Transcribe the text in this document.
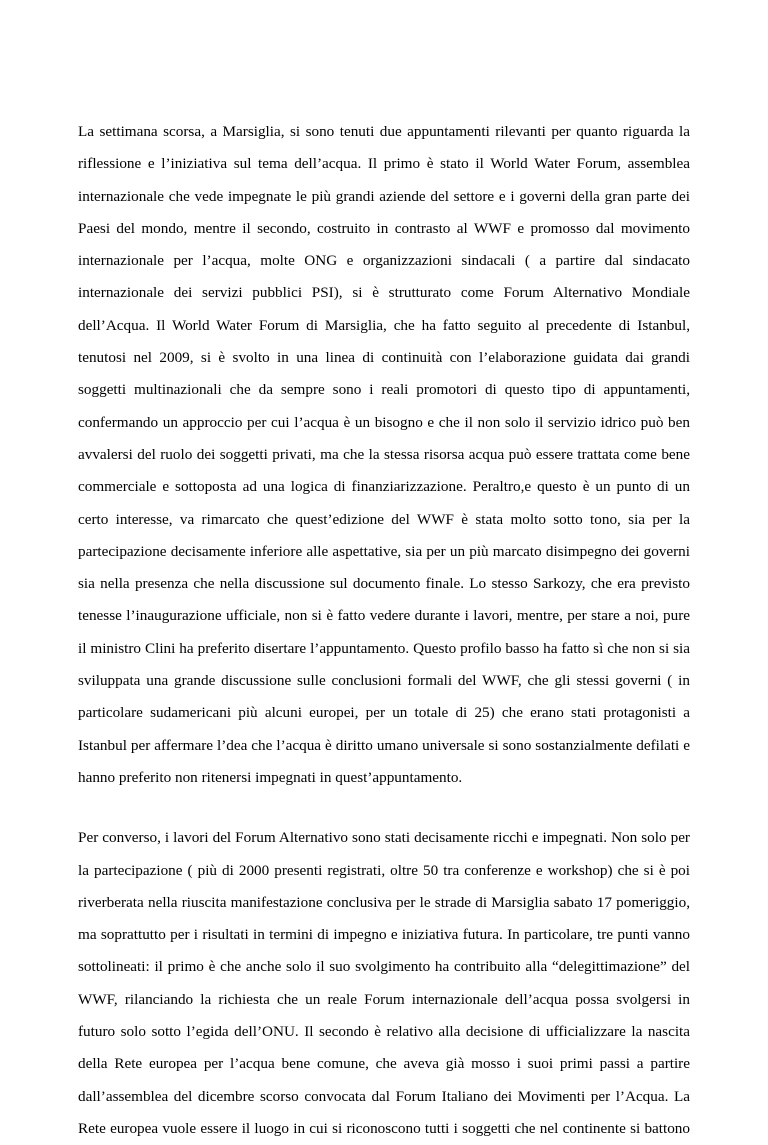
La settimana scorsa, a Marsiglia, si sono tenuti due appuntamenti rilevanti per quanto riguarda la
riflessione e l’iniziativa sul tema dell’acqua. Il primo è stato il World Water Forum, assemblea
internazionale che vede impegnate le più grandi aziende del settore e i governi della gran parte dei
Paesi del mondo, mentre il secondo, costruito in contrasto al WWF e promosso dal movimento
internazionale per l’acqua, molte ONG e organizzazioni sindacali ( a partire dal sindacato
internazionale dei servizi pubblici PSI), si è strutturato come Forum Alternativo Mondiale
dell’Acqua. Il World Water Forum di Marsiglia, che ha fatto seguito al precedente di Istanbul,
tenutosi nel 2009, si è svolto in una linea di continuità con l’elaborazione guidata dai grandi
soggetti multinazionali che da sempre sono i reali promotori di questo tipo di appuntamenti,
confermando un approccio per cui l’acqua è un bisogno e che il non solo il servizio idrico può ben
avvalersi del ruolo dei soggetti privati, ma che la stessa risorsa acqua può essere trattata come bene
commerciale e sottoposta ad una logica di finanziarizzazione. Peraltro,e questo è un punto di un
certo interesse, va rimarcato che quest’edizione del WWF è stata molto sotto tono, sia per la
partecipazione decisamente inferiore alle aspettative, sia per un più marcato disimpegno dei governi
sia nella presenza che nella discussione sul documento finale. Lo stesso Sarkozy, che era previsto
tenesse l’inaugurazione ufficiale, non si è fatto vedere durante i lavori, mentre, per stare a noi, pure
il ministro Clini ha preferito disertare l’appuntamento. Questo profilo basso ha fatto sì che non si sia
sviluppata una grande discussione sulle conclusioni formali del WWF, che gli stessi governi ( in
particolare sudamericani più alcuni europei, per un totale di 25) che erano stati protagonisti a
Istanbul per affermare l’dea che l’acqua è diritto umano universale si sono sostanzialmente defilati e
hanno preferito non ritenersi impegnati in quest’appuntamento.
Per converso, i lavori del Forum Alternativo sono stati decisamente ricchi e impegnati. Non solo per
la partecipazione ( più di 2000 presenti registrati, oltre 50 tra conferenze e workshop) che si è poi
riverberata nella riuscita manifestazione conclusiva per le strade di Marsiglia sabato 17 pomeriggio,
ma soprattutto per i risultati in termini di impegno e iniziativa futura. In particolare, tre punti vanno
sottolineati: il primo è che anche solo il suo svolgimento ha contribuito alla “delegittimazione” del
WWF, rilanciando la richiesta che un reale Forum internazionale dell’acqua possa svolgersi in
futuro solo sotto l’egida dell’ONU. Il secondo è relativo alla decisione di ufficializzare la nascita
della Rete europea per l’acqua bene comune, che aveva già mosso i suoi primi passi a partire
dall’assemblea del dicembre scorso convocata dal Forum Italiano dei Movimenti per l’Acqua. La
Rete europea vuole essere il luogo in cui si riconoscono tutti i soggetti che nel continente si battono
